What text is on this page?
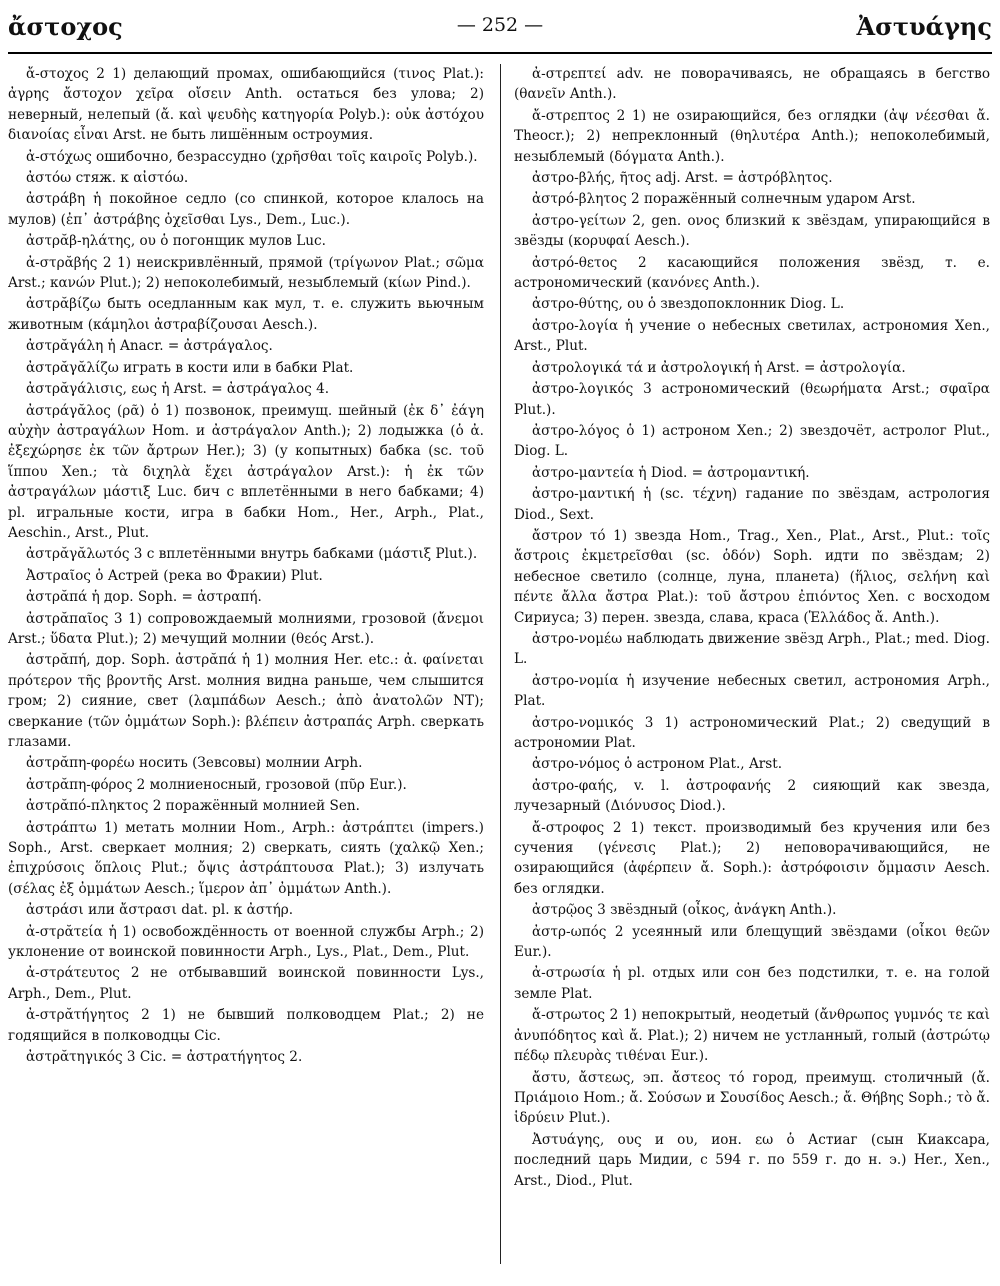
ἄστοχος	— 252 —	Ἀστυάγης

ἄ-στοχος 2 1) делающий промах, ошибающийся (τινος Plat.): ἀγρης ἄστοχον χεῖρα οἴσειν Anth. остаться без улова; 2) неверный, нелепый (ἄ. καὶ ψευδὴς κατηγορία Polyb.): οὐκ ἀστόχου διανοίας εἶναι Arst. не быть лишённым остроумия.

ἀ-στόχως ошибочно, безрассудно (χρῆσθαι τοῖς καιροῖς Polyb.).

ἀστόω стяж. к αἰστόω.

ἀστράβη ἡ покойное седло (со спинкой, которое клалось на мулов) (ἐπ᾽ ἀστράβης ὀχεῖσθαι Lys., Dem., Luc.).

ἀστρᾰβ-ηλάτης, ου ὁ погонщик мулов Luc.

ἀ-στρᾰβής 2 1) неискривлённый, прямой (τρίγωνον Plat.; σῶμα Arst.; κανών Plut.); 2) непоколебимый, незыблемый (κίων Pind.).

ἀστρᾰβίζω быть оседланным как мул, т. е. служить вьючным животным (κάμηλοι ἀστραβίζουσαι Aesch.).

ἀστρᾰγάλη ἡ Anacr. = ἀστράγαλος.

ἀστρᾰγᾰλίζω играть в кости или в бабки Plat.

ἀστρᾰγάλισις, εως ἡ Arst. = ἀστράγαλος 4.

ἀστράγᾰλος (ρᾶ) ὁ 1) позвонок, преимущ. шейный (ἐκ δ᾽ ἐάγη αὐχὴν ἀστραγάλων Hom. и ἀστράγαλον Anth.); 2) лодыжка (ὁ ἀ. ἐξεχώρησε ἐκ τῶν ἄρτρων Her.); 3) (у копытных) бабка (sc. τοῦ ἵππου Xen.; τὰ διχηλὰ ἔχει ἀστράγαλον Arst.): ἡ ἐκ τῶν ἀστραγάλων μάστιξ Luc. бич с вплетёнными в него бабками; 4) pl. игральные кости, игра в бабки Hom., Her., Arph., Plat., Aeschin., Arst., Plut.

ἀστρᾰγᾰλωτός 3 с вплетёнными внутрь бабками (μάστιξ Plut.).

Ἀστραῖος ὁ Астрей (река во Фракии) Plut.

ἀστρᾰπά ἡ дор. Soph. = ἀστραπή.

ἀστρᾰπαῖος 3 1) сопровождаемый молниями, грозовой (ἄνεμοι Arst.; ὕδατα Plut.); 2) мечущий молнии (θεός Arst.).

ἀστρᾰπή, дор. Soph. ἀστρᾰπά ἡ 1) молния Her. etc.: ἀ. φαίνεται πρότερον τῆς βροντῆς Arst. молния видна раньше, чем слышится гром; 2) сияние, свет (λαμπάδων Aesch.; ἀπὸ ἀνατολῶν NT); сверкание (τῶν ὀμμάτων Soph.): βλέπειν ἀστραπάς Arph. сверкать глазами.

ἀστρᾰπη-φορέω носить (Зевсовы) молнии Arph.

ἀστρᾰπη-φόρος 2 молниеносный, грозовой (πῦρ Eur.).

ἀστρᾰπό-πληκτος 2 поражённый молнией Sen.

ἀστράπτω 1) метать молнии Hom., Arph.: ἀστράπτει (impers.) Soph., Arst. сверкает молния; 2) сверкать, сиять (χαλκῷ Xen.; ἐπιχρύσοις ὅπλοις Plut.; ὄψις ἀστράπτουσα Plat.); 3) излучать (σέλας ἐξ ὀμμάτων Aesch.; ἵμερον ἀπ᾽ ὀμμάτων Anth.).

ἀστράσι или ἄστρασι dat. pl. к ἀστήρ.

ἀ-στρᾰτεία ἡ 1) освобождённость от военной службы Arph.; 2) уклонение от воинской повинности Arph., Lys., Plat., Dem., Plut.

ἀ-στράτευτος 2 не отбывавший воинской повинности Lys., Arph., Dem., Plut.

ἀ-στρᾰτήγητος 2 1) не бывший полководцем Plat.; 2) не годящийся в полководцы Cic.

ἀστρᾰτηγικός 3 Cic. = ἀστρατήγητος 2.

ἀ-στρεπτεί adv. не поворачиваясь, не обращаясь в бегство (θανεῖν Anth.).

ἄ-στρεπτος 2 1) не озирающийся, без оглядки (ἀψ νέεσθαι ἄ. Theocr.); 2) непреклонный (θηλυτέρα Anth.); непоколебимый, незыблемый (δόγματα Anth.).

ἀστρο-βλής, ῆτος adj. Arst. = ἀστρόβλητος.

ἀστρό-βλητος 2 поражённый солнечным ударом Arst.

ἀστρο-γείτων 2, gen. ονος близкий к звёздам, упирающийся в звёзды (κορυφαί Aesch.).

ἀστρό-θετος 2 касающийся положения звёзд, т. е. астрономический (κανόνες Anth.).

ἀστρο-θύτης, ου ὁ звездопоклонник Diog. L.

ἀστρο-λογία ἡ учение о небесных светилах, астрономия Xen., Arst., Plut.

ἀστρολογικά τά и ἀστρολογική ἡ Arst. = ἀστρολογία.

ἀστρο-λογικός 3 астрономический (θεωρήματα Arst.; σφαῖρα Plut.).

ἀστρο-λόγος ὁ 1) астроном Xen.; 2) звездочёт, астролог Plut., Diog. L.

ἀστρο-μαντεία ἡ Diod. = ἀστρομαντική.

ἀστρο-μαντική ἡ (sc. τέχνη) гадание по звёздам, астрология Diod., Sext.

ἄστρον τό 1) звезда Hom., Trag., Xen., Plat., Arst., Plut.: τοῖς ἄστροις ἐκμετρεῖσθαι (sc. ὁδόν) Soph. идти по звёздам; 2) небесное светило (солнце, луна, планета) (ἥλιος, σελήνη καὶ πέντε ἄλλα ἄστρα Plat.): τοῦ ἄστρου ἐπιόντος Xen. с восходом Сириуса; 3) перен. звезда, слава, краса (Ἑλλάδος ἄ. Anth.).

ἀστρο-νομέω наблюдать движение звёзд Arph., Plat.; med. Diog. L.

ἀστρο-νομία ἡ изучение небесных светил, астрономия Arph., Plat.

ἀστρο-νομικός 3 1) астрономический Plat.; 2) сведущий в астрономии Plat.

ἀστρο-νόμος ὁ астроном Plat., Arst.

ἀστρο-φαής, v. l. ἀστροφανής 2 сияющий как звезда, лучезарный (Διόνυσος Diod.).

ἄ-στροφος 2 1) текст. производимый без кручения или без сучения (γένεσις Plat.); 2) неповорачивающийся, не озирающийся (ἀφέρπειν ἄ. Soph.): ἀστρόφοισιν ὄμμασιν Aesch. без оглядки.

ἀστρῷος 3 звёздный (οἶκος, ἀνάγκη Anth.).

ἀστρ-ωπός 2 усеянный или блещущий звёздами (οἶκοι θεῶν Eur.).

ἀ-στρωσία ἡ pl. отдых или сон без подстилки, т. е. на голой земле Plat.

ἄ-στρωτος 2 1) непокрытый, неодетый (ἄνθρωπος γυμνός τε καὶ ἀνυπόδητος καὶ ἄ. Plat.); 2) ничем не устланный, голый (ἀστρώτῳ πέδῳ πλευρὰς τιθέναι Eur.).

ἄστυ, ἄστεως, эп. ἄστεος τό город, преимущ. столичный (ἄ. Πριάμοιο Hom.; ἄ. Σούσων и Σουσίδος Aesch.; ἄ. Θήβης Soph.; τὸ ἄ. ἱδρύειν Plut.).

Ἀστυάγης, ους и ου, ион. εω ὁ Астиаг (сын Киаксара, последний царь Мидии, с 594 г. по 559 г. до н. э.) Her., Xen., Arst., Diod., Plut.
